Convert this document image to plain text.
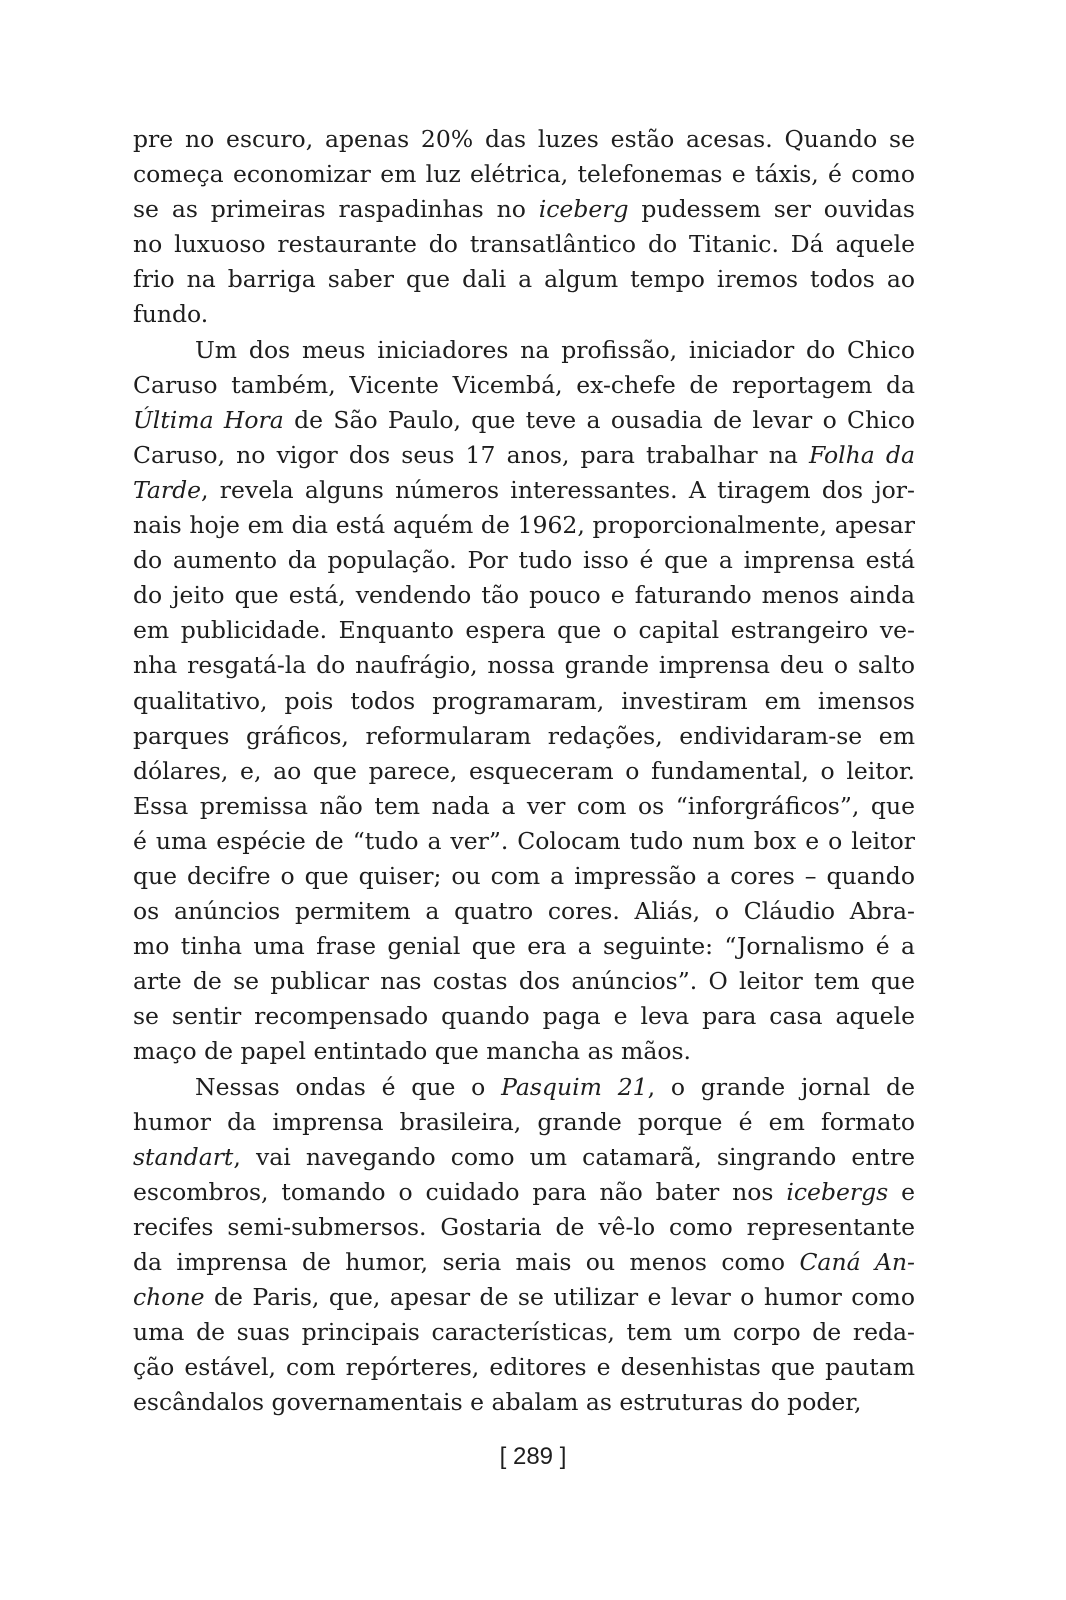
pre no escuro, apenas 20% das luzes estão acesas. Quando se
começa economizar em luz elétrica, telefonemas e táxis, é como
se as primeiras raspadinhas no iceberg pudessem ser ouvidas
no luxuoso restaurante do transatlântico do Titanic. Dá aquele
frio na barriga saber que dali a algum tempo iremos todos ao
fundo.
Um dos meus iniciadores na profissão, iniciador do Chico
Caruso também, Vicente Vicembá, ex-chefe de reportagem da
Última Hora de São Paulo, que teve a ousadia de levar o Chico
Caruso, no vigor dos seus 17 anos, para trabalhar na Folha da
Tarde, revela alguns números interessantes. A tiragem dos jor-
nais hoje em dia está aquém de 1962, proporcionalmente, apesar
do aumento da população. Por tudo isso é que a imprensa está
do jeito que está, vendendo tão pouco e faturando menos ainda
em publicidade. Enquanto espera que o capital estrangeiro ve-
nha resgatá-la do naufrágio, nossa grande imprensa deu o salto
qualitativo, pois todos programaram, investiram em imensos
parques gráficos, reformularam redações, endividaram-se em
dólares, e, ao que parece, esqueceram o fundamental, o leitor.
Essa premissa não tem nada a ver com os “inforgráficos”, que
é uma espécie de “tudo a ver”. Colocam tudo num box e o leitor
que decifre o que quiser; ou com a impressão a cores – quando
os anúncios permitem a quatro cores. Aliás, o Cláudio Abra-
mo tinha uma frase genial que era a seguinte: “Jornalismo é a
arte de se publicar nas costas dos anúncios”. O leitor tem que
se sentir recompensado quando paga e leva para casa aquele
maço de papel entintado que mancha as mãos.
Nessas ondas é que o Pasquim 21, o grande jornal de
humor da imprensa brasileira, grande porque é em formato
standart, vai navegando como um catamarã, singrando entre
escombros, tomando o cuidado para não bater nos icebergs e
recifes semi-submersos. Gostaria de vê-lo como representante
da imprensa de humor, seria mais ou menos como Caná An-
chone de Paris, que, apesar de se utilizar e levar o humor como
uma de suas principais características, tem um corpo de reda-
ção estável, com repórteres, editores e desenhistas que pautam
escândalos governamentais e abalam as estruturas do poder,
[ 289 ]
